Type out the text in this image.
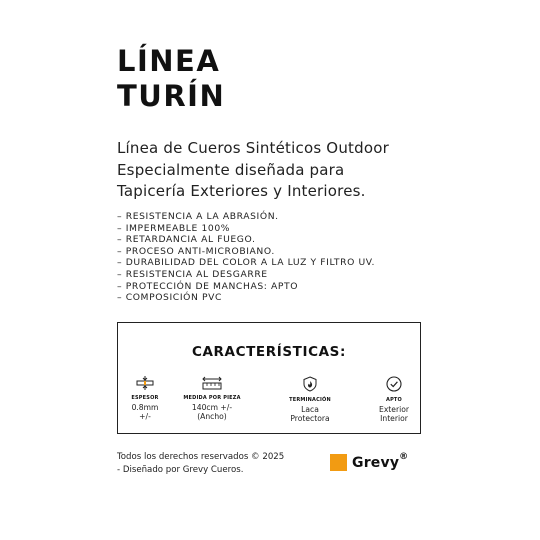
LÍNEA
TURÍN
Línea de Cueros Sintéticos Outdoor
Especialmente diseñada para
Tapicería Exteriores y Interiores.
– RESISTENCIA A LA ABRASIÓN.
– IMPERMEABLE 100%
– RETARDANCIA AL FUEGO.
– PROCESO ANTI-MICROBIANO.
– DURABILIDAD DEL COLOR A LA LUZ Y FILTRO UV.
– RESISTENCIA AL DESGARRE
– PROTECCIÓN DE MANCHAS: APTO
– COMPOSICIÓN PVC
CARACTERÍSTICAS:
ESPESOR
0.8mm
+/-
MEDIDA POR PIEZA
140cm +/-
(Ancho)
TERMINACIÓN
Laca
Protectora
APTO
Exterior
Interior
Todos los derechos reservados © 2025
- Diseñado por Grevy Cueros.	Grevy®
